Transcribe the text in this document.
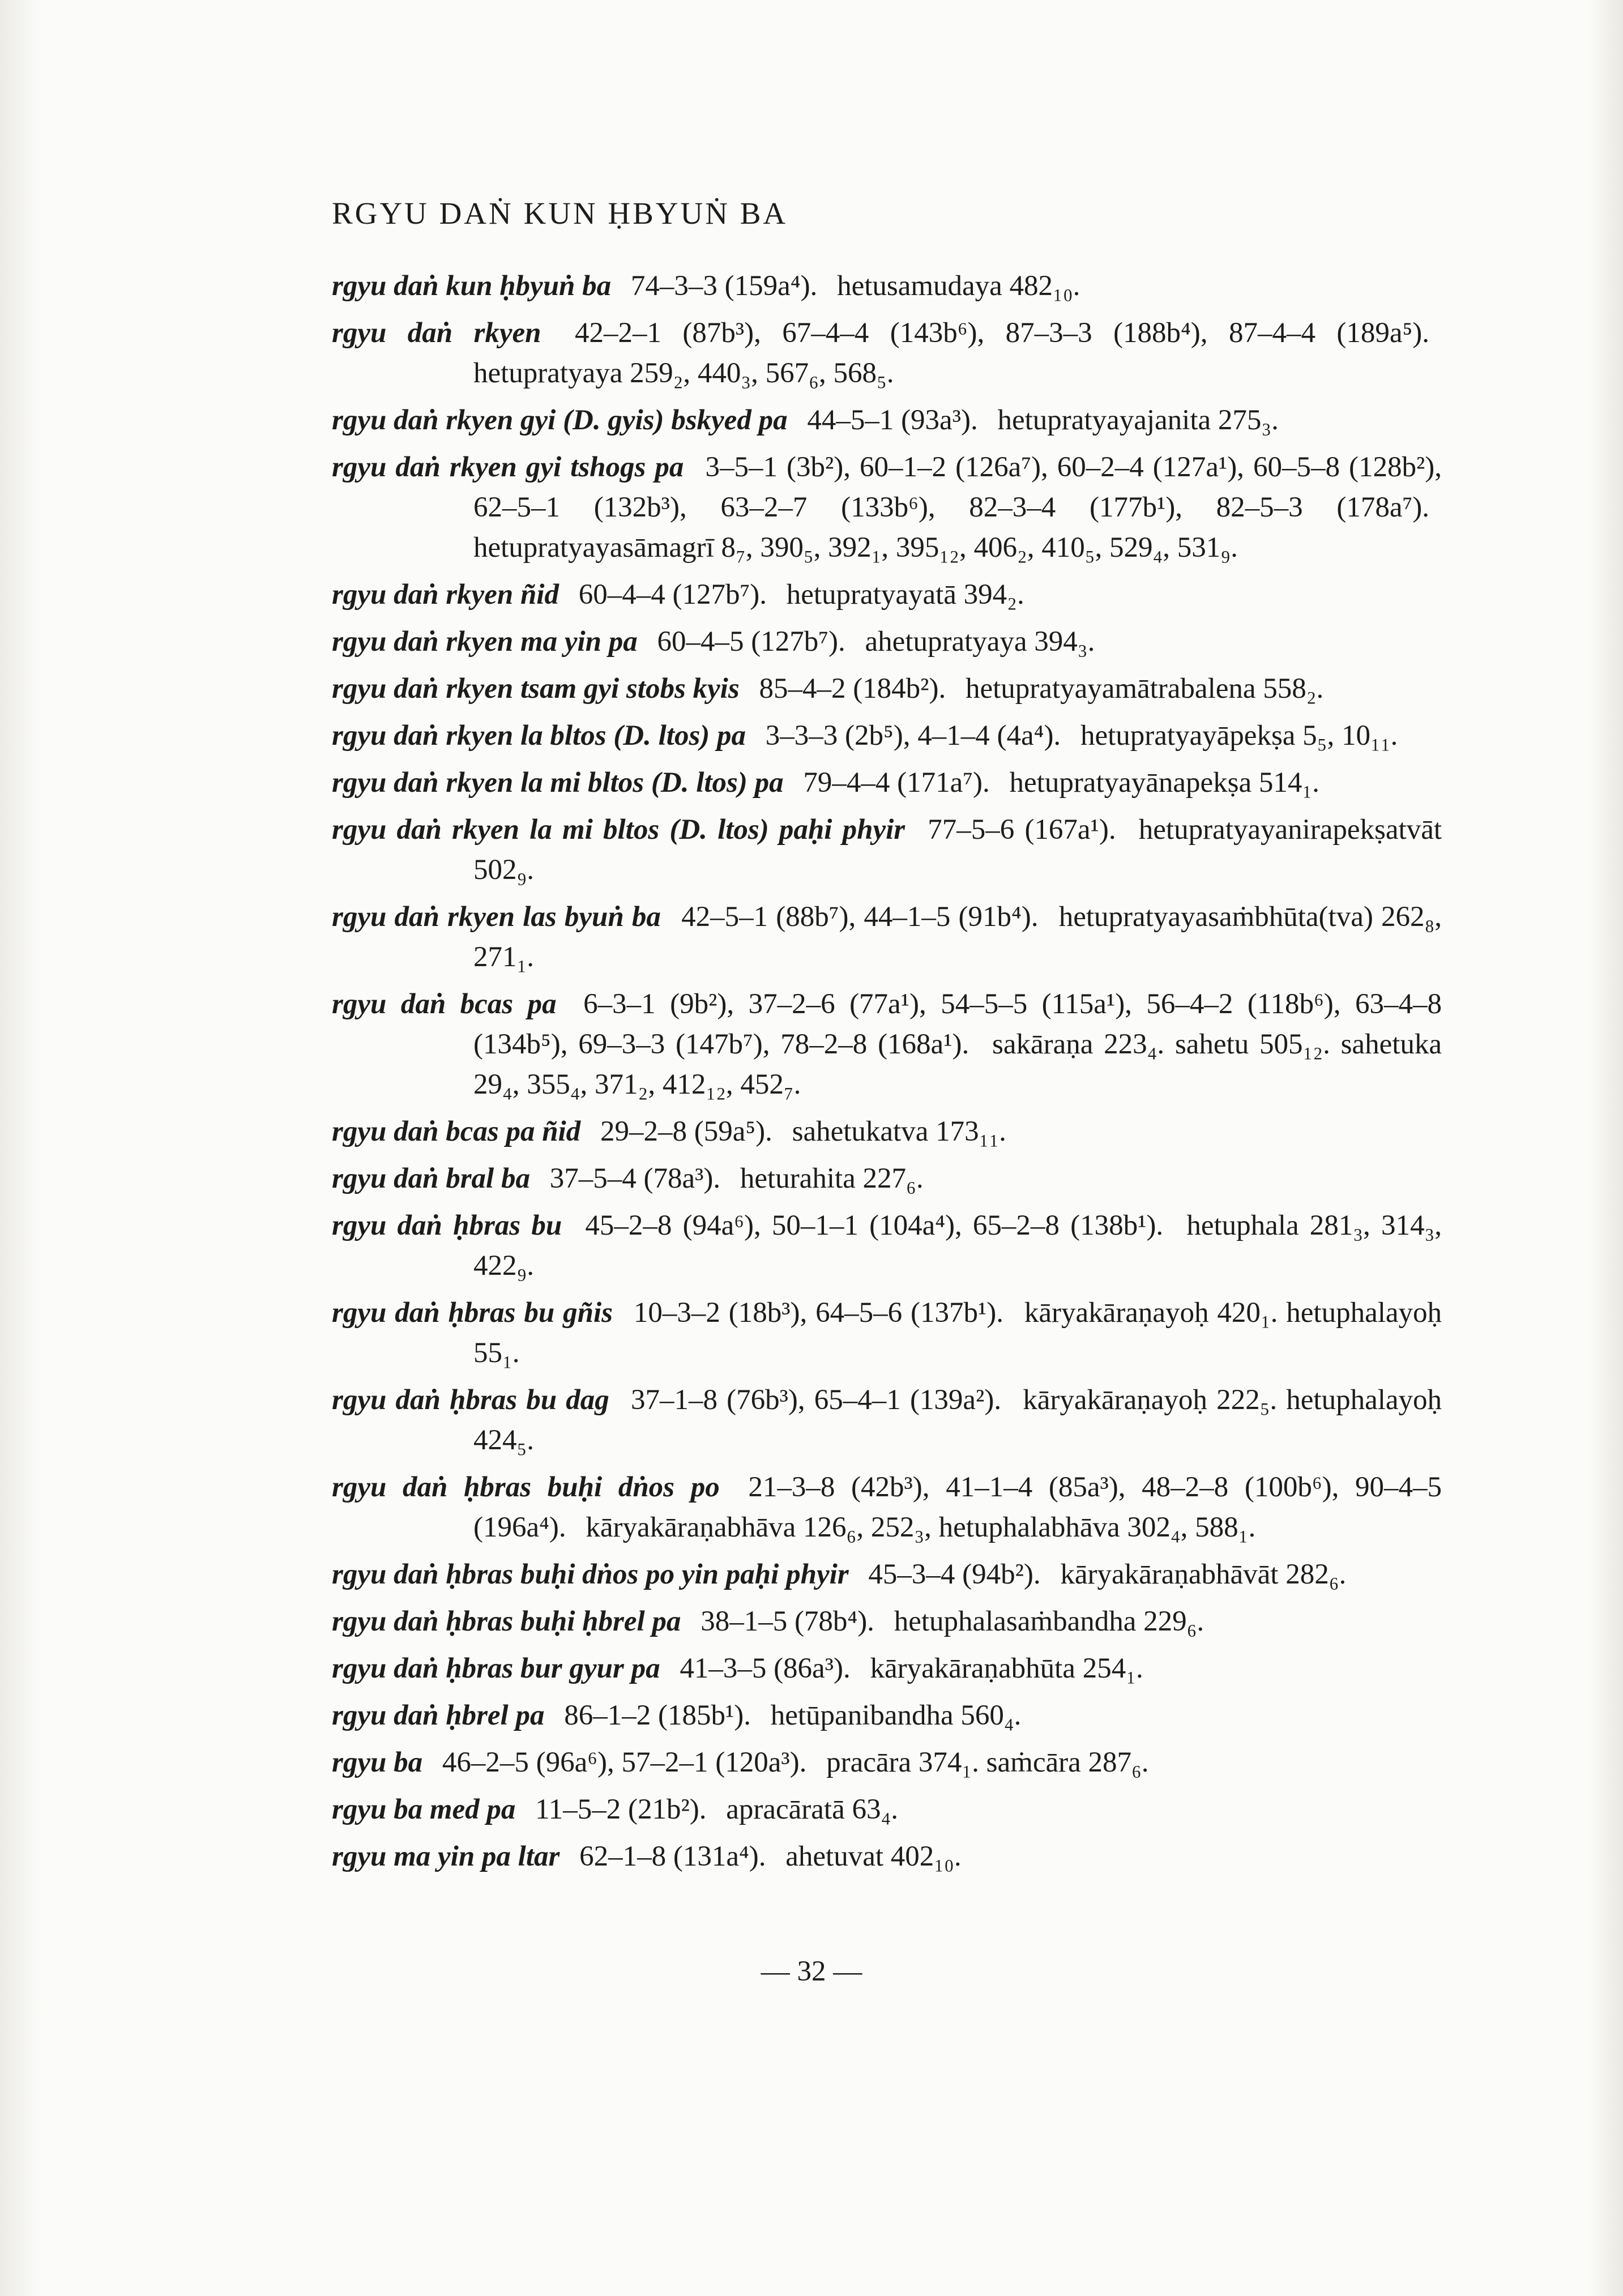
RGYU DAṄ KUN ḤBYUṄ BA

rgyu daṅ kun ḥbyuṅ ba 74–3–3 (159a⁴). hetusamudaya 482₁₀.

rgyu daṅ rkyen 42–2–1 (87b³), 67–4–4 (143b⁶), 87–3–3 (188b⁴), 87–4–4 (189a⁵). hetupratyaya 259₂, 440₃, 567₆, 568₅.

rgyu daṅ rkyen gyi (D. gyis) bskyed pa 44–5–1 (93a³). hetupratyayajanita 275₃.

rgyu daṅ rkyen gyi tshogs pa 3–5–1 (3b²), 60–1–2 (126a⁷), 60–2–4 (127a¹), 60–5–8 (128b²), 62–5–1 (132b³), 63–2–7 (133b⁶), 82–3–4 (177b¹), 82–5–3 (178a⁷). hetupratyayasāmagrī 8₇, 390₅, 392₁, 395₁₂, 406₂, 410₅, 529₄, 531₉.

rgyu daṅ rkyen ñid 60–4–4 (127b⁷). hetupratyayatā 394₂.

rgyu daṅ rkyen ma yin pa 60–4–5 (127b⁷). ahetupratyaya 394₃.

rgyu daṅ rkyen tsam gyi stobs kyis 85–4–2 (184b²). hetupratyayamātrabalena 558₂.

rgyu daṅ rkyen la bltos (D. ltos) pa 3–3–3 (2b⁵), 4–1–4 (4a⁴). hetupratyayāpekṣa 5₅, 10₁₁.

rgyu daṅ rkyen la mi bltos (D. ltos) pa 79–4–4 (171a⁷). hetupratyayānapekṣa 514₁.

rgyu daṅ rkyen la mi bltos (D. ltos) paḥi phyir 77–5–6 (167a¹). hetupratyayanirapekṣatvāt 502₉.

rgyu daṅ rkyen las byuṅ ba 42–5–1 (88b⁷), 44–1–5 (91b⁴). hetupratyayasaṁbhūta(tva) 262₈, 271₁.

rgyu daṅ bcas pa 6–3–1 (9b²), 37–2–6 (77a¹), 54–5–5 (115a¹), 56–4–2 (118b⁶), 63–4–8 (134b⁵), 69–3–3 (147b⁷), 78–2–8 (168a¹). sakāraṇa 223₄. sahetu 505₁₂. sahetuka 29₄, 355₄, 371₂, 412₁₂, 452₇.

rgyu daṅ bcas pa ñid 29–2–8 (59a⁵). sahetukatva 173₁₁.

rgyu daṅ bral ba 37–5–4 (78a³). heturahita 227₆.

rgyu daṅ ḥbras bu 45–2–8 (94a⁶), 50–1–1 (104a⁴), 65–2–8 (138b¹). hetuphala 281₃, 314₃, 422₉.

rgyu daṅ ḥbras bu gñis 10–3–2 (18b³), 64–5–6 (137b¹). kāryakāraṇayoḥ 420₁. hetuphalayoḥ 55₁.

rgyu daṅ ḥbras bu dag 37–1–8 (76b³), 65–4–1 (139a²). kāryakāraṇayoḥ 222₅. hetuphalayoḥ 424₅.

rgyu daṅ ḥbras buḥi dṅos po 21–3–8 (42b³), 41–1–4 (85a³), 48–2–8 (100b⁶), 90–4–5 (196a⁴). kāryakāraṇabhāva 126₆, 252₃, hetuphalabhāva 302₄, 588₁.

rgyu daṅ ḥbras buḥi dṅos po yin paḥi phyir 45–3–4 (94b²). kāryakāraṇabhāvāt 282₆.

rgyu daṅ ḥbras buḥi ḥbrel pa 38–1–5 (78b⁴). hetuphalasaṁbandha 229₆.

rgyu daṅ ḥbras bur gyur pa 41–3–5 (86a³). kāryakāraṇabhūta 254₁.

rgyu daṅ ḥbrel pa 86–1–2 (185b¹). hetūpanibandha 560₄.

rgyu ba 46–2–5 (96a⁶), 57–2–1 (120a³). pracāra 374₁. saṁcāra 287₆.

rgyu ba med pa 11–5–2 (21b²). apracāratā 63₄.

rgyu ma yin pa ltar 62–1–8 (131a⁴). ahetuvat 402₁₀.

— 32 —
